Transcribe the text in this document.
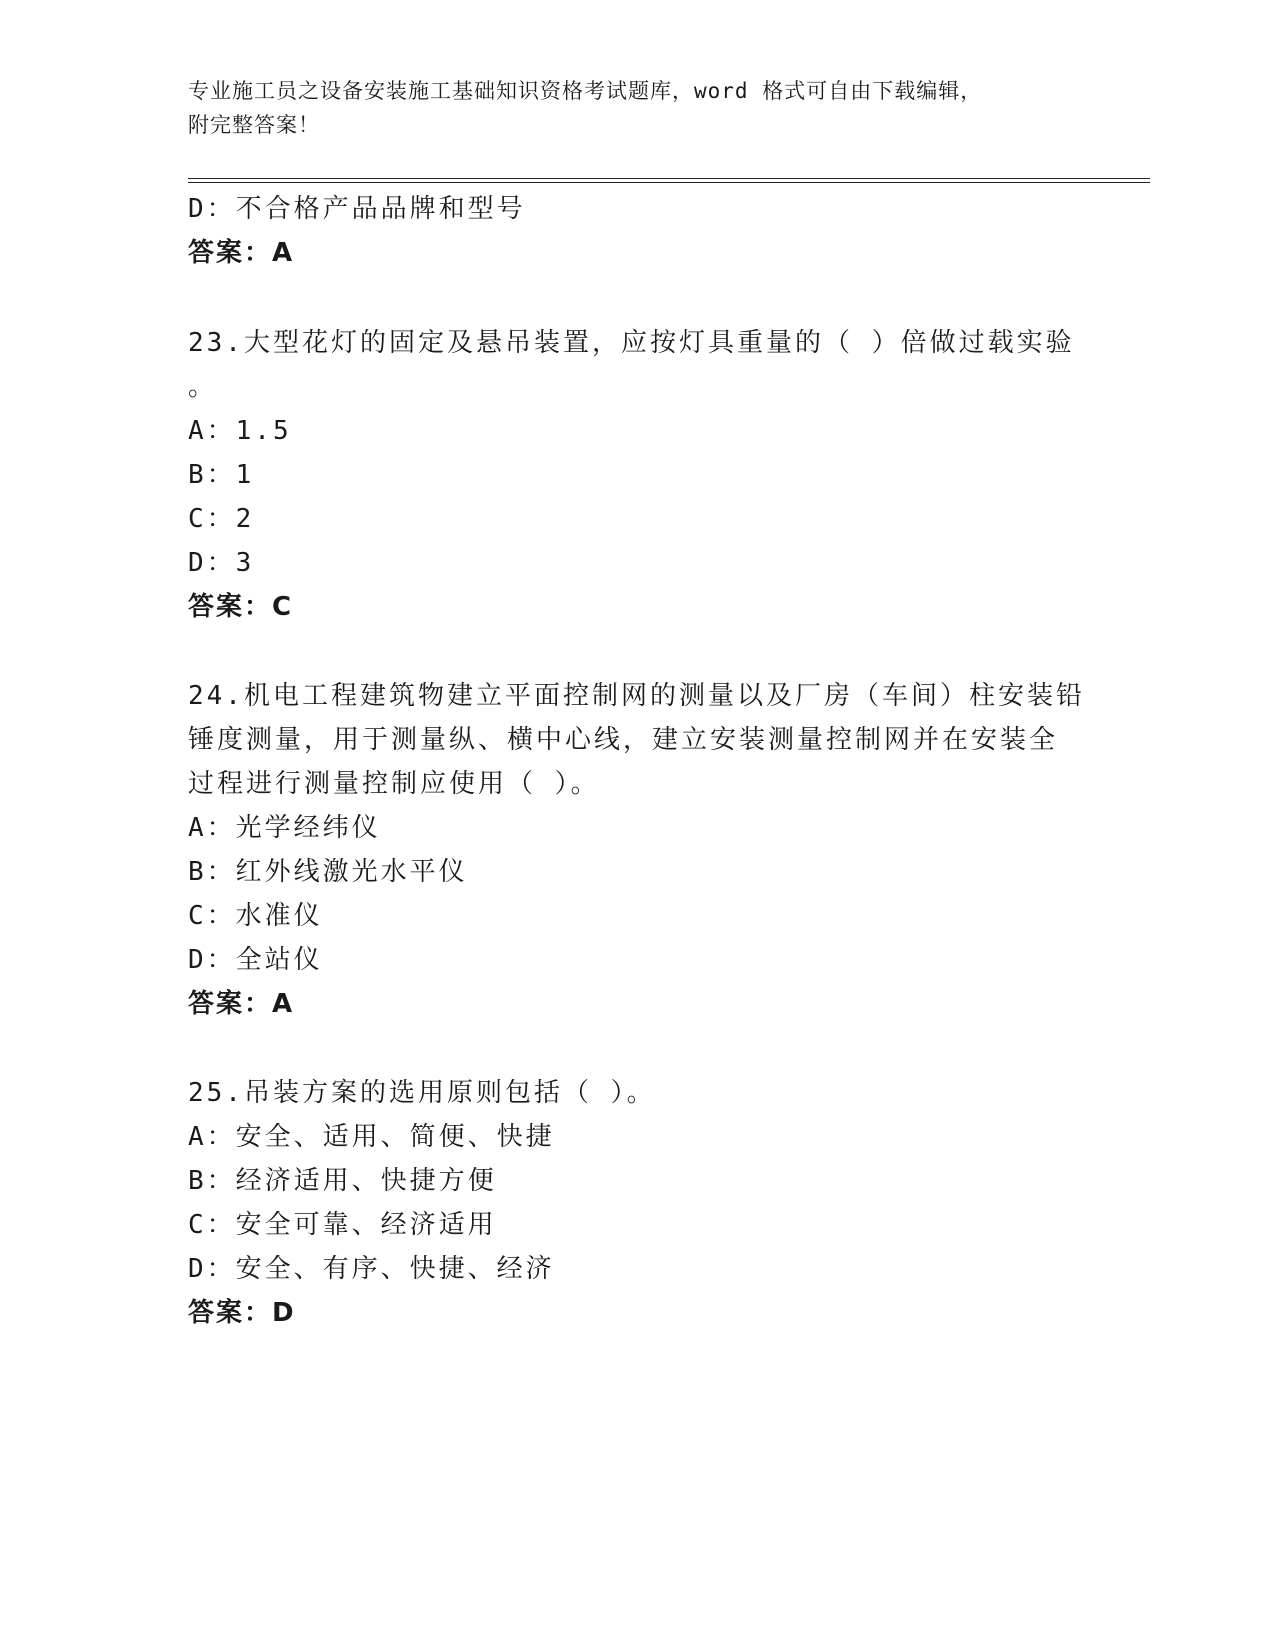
专业施工员之设备安装施工基础知识资格考试题库，word 格式可自由下载编辑，
附完整答案！
D：不合格产品品牌和型号
答案：A
23.大型花灯的固定及悬吊装置，应按灯具重量的（ ）倍做过载实验
。
A：1.5
B：1
C：2
D：3
答案：C
24.机电工程建筑物建立平面控制网的测量以及厂房（车间）柱安装铅
锤度测量，用于测量纵、横中心线，建立安装测量控制网并在安装全
过程进行测量控制应使用（ ）。
A：光学经纬仪
B：红外线激光水平仪
C：水准仪
D：全站仪
答案：A
25.吊装方案的选用原则包括（ ）。
A：安全、适用、简便、快捷
B：经济适用、快捷方便
C：安全可靠、经济适用
D：安全、有序、快捷、经济
答案：D
